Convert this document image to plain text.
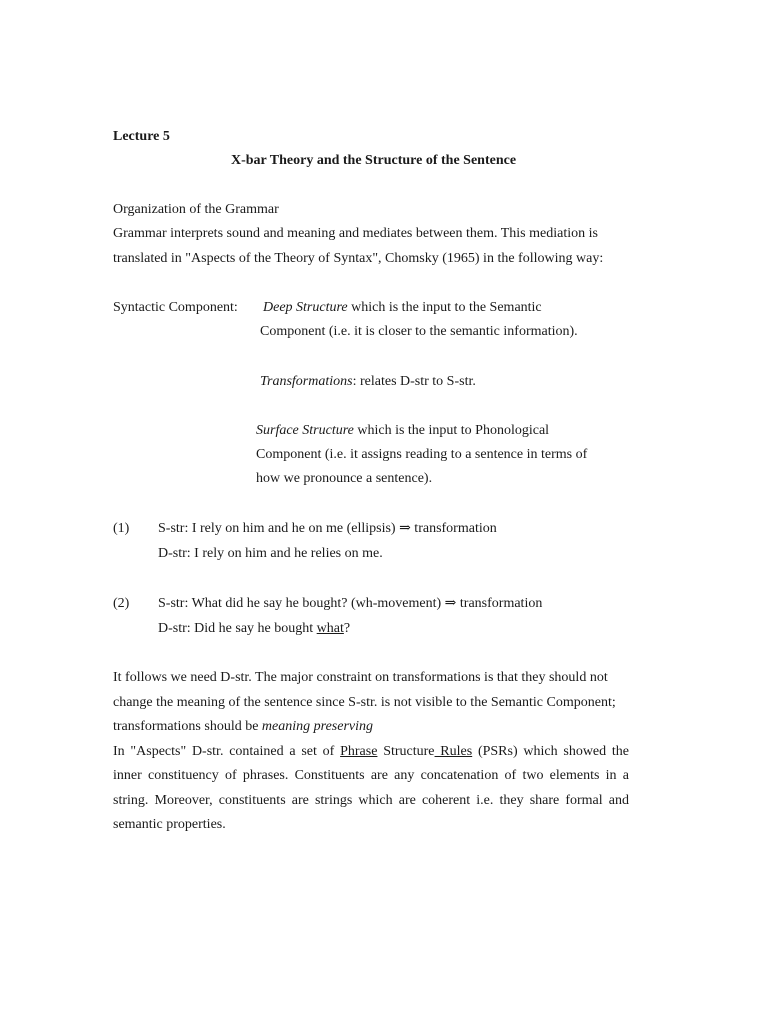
Lecture 5
X-bar Theory and the Structure of the Sentence
Organization of the Grammar
Grammar interprets sound and meaning and mediates between them. This mediation is
translated in "Aspects of the Theory of Syntax", Chomsky (1965) in the following way:
Syntactic Component: Deep Structure which is the input to the Semantic
Component (i.e. it is closer to the semantic information).
Transformations: relates D-str to S-str.
Surface Structure which is the input to Phonological
Component (i.e. it assigns reading to a sentence in terms of
how we pronounce a sentence).
(1) S-str: I rely on him and he on me (ellipsis) ⇒ transformation
D-str: I rely on him and he relies on me.
(2) S-str: What did he say he bought? (wh-movement) ⇒ transformation
D-str: Did he say he bought what?
It follows we need D-str. The major constraint on transformations is that they should not
change the meaning of the sentence since S-str. is not visible to the Semantic Component;
transformations should be meaning preserving
In "Aspects" D-str. contained a set of Phrase Structure Rules (PSRs) which showed the
inner constituency of phrases. Constituents are any concatenation of two elements in a
string. Moreover, constituents are strings which are coherent i.e. they share formal and
semantic properties.
